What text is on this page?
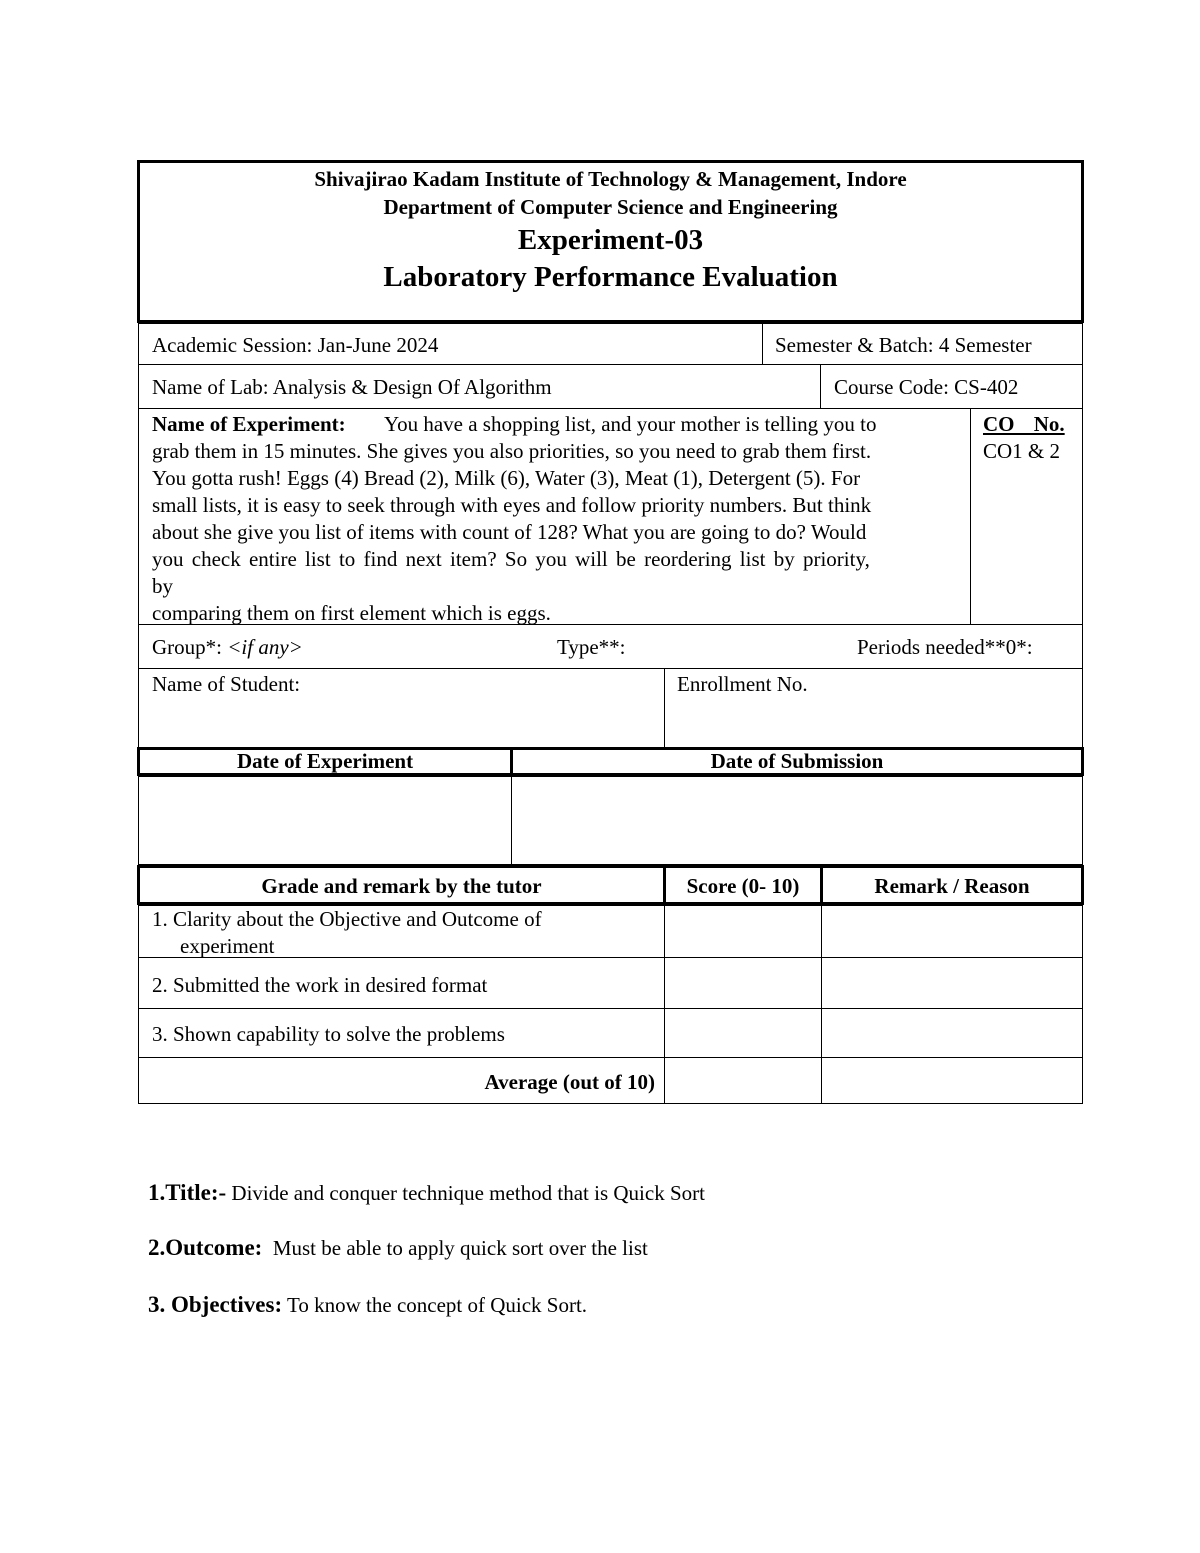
Shivajirao Kadam Institute of Technology & Management, Indore
Department of Computer Science and Engineering
Experiment-03
Laboratory Performance Evaluation
Academic Session: Jan-June 2024	Semester & Batch: 4 Semester
Name of Lab: Analysis & Design Of Algorithm	Course Code: CS-402
Name of Experiment: You have a shopping list, and your mother is telling you to
grab them in 15 minutes. She gives you also priorities, so you need to grab them first.
You gotta rush! Eggs (4) Bread (2), Milk (6), Water (3), Meat (1), Detergent (5). For
small lists, it is easy to seek through with eyes and follow priority numbers. But think
about she give you list of items with count of 128? What you are going to do? Would
you check entire list to find next item? So you will be reordering list by priority,
by
comparing them on first element which is eggs.
CO No.
CO1 & 2
Group*: <if any>	Type**:	Periods needed**0*:
Name of Student:	Enrollment No.
Date of Experiment	Date of Submission
Grade and remark by the tutor	Score (0- 10)	Remark / Reason
1. Clarity about the Objective and Outcome of
experiment
2. Submitted the work in desired format
3. Shown capability to solve the problems
Average (out of 10)
1.Title:- Divide and conquer technique method that is Quick Sort
2.Outcome:  Must be able to apply quick sort over the list
3. Objectives: To know the concept of Quick Sort.
